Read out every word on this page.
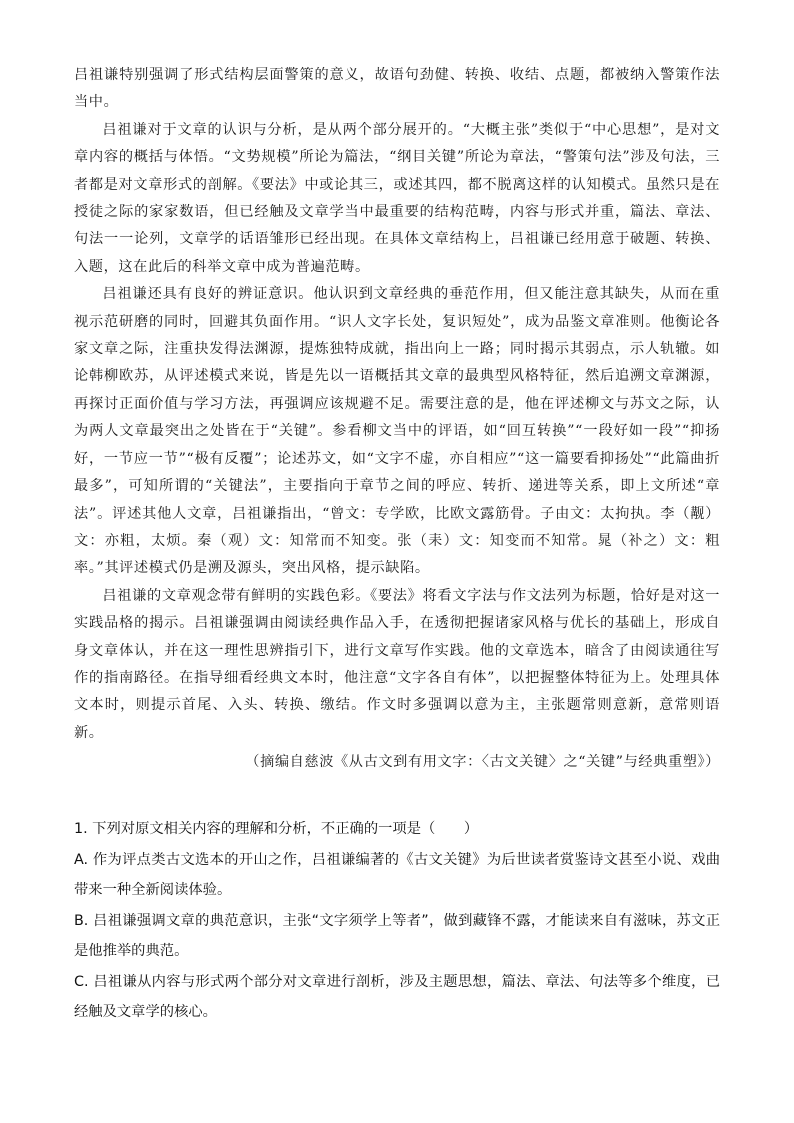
吕祖谦特别强调了形式结构层面警策的意义，故语句劲健、转换、收结、点题，都被纳入警策作法当中。

吕祖谦对于文章的认识与分析，是从两个部分展开的。“大概主张”类似于“中心思想”，是对文章内容的概括与体悟。“文势规模”所论为篇法，“纲目关键”所论为章法，“警策句法”涉及句法，三者都是对文章形式的剖解。《要法》中或论其三，或述其四，都不脱离这样的认知模式。虽然只是在授徒之际的家家数语，但已经触及文章学当中最重要的结构范畴，内容与形式并重，篇法、章法、句法一一论列，文章学的话语雏形已经出现。在具体文章结构上，吕祖谦已经用意于破题、转换、入题，这在此后的科举文章中成为普遍范畴。

吕祖谦还具有良好的辨证意识。他认识到文章经典的垂范作用，但又能注意其缺失，从而在重视示范研磨的同时，回避其负面作用。“识人文字长处，复识短处”，成为品鉴文章准则。他衡论各家文章之际，注重抉发得法渊源，提炼独特成就，指出向上一路；同时揭示其弱点，示人轨辙。如论韩柳欧苏，从评述模式来说，皆是先以一语概括其文章的最典型风格特征，然后追溯文章渊源，再探讨正面价值与学习方法，再强调应该规避不足。需要注意的是，他在评述柳文与苏文之际，认为两人文章最突出之处皆在于“关键”。参看柳文当中的评语，如“回互转换”“一段好如一段”“抑扬好，一节应一节”“极有反覆”；论述苏文，如“文字不虚，亦自相应”“这一篇要看抑扬处”“此篇曲折最多”，可知所谓的“关键法”，主要指向于章节之间的呼应、转折、递进等关系，即上文所述“章法”。评述其他人文章，吕祖谦指出，“曾文：专学欧，比欧文露筋骨。子由文：太拘执。李（觏）文：亦粗，太烦。秦（观）文：知常而不知变。张（耒）文：知变而不知常。晁（补之）文：粗率。”其评述模式仍是溯及源头，突出风格，提示缺陷。

吕祖谦的文章观念带有鲜明的实践色彩。《要法》将看文字法与作文法列为标题，恰好是对这一实践品格的揭示。吕祖谦强调由阅读经典作品入手，在透彻把握诸家风格与优长的基础上，形成自身文章体认，并在这一理性思辨指引下，进行文章写作实践。他的文章选本，暗含了由阅读通往写作的指南路径。在指导细看经典文本时，他注意“文字各自有体”，以把握整体特征为上。处理具体文本时，则提示首尾、入头、转换、缴结。作文时多强调以意为主，主张题常则意新，意常则语新。

（摘编自慈波《从古文到有用文字：〈古文关键〉之“关键”与经典重塑》）

1. 下列对原文相关内容的理解和分析，不正确的一项是（　　）

A. 作为评点类古文选本的开山之作，吕祖谦编著的《古文关键》为后世读者赏鉴诗文甚至小说、戏曲带来一种全新阅读体验。

B. 吕祖谦强调文章的典范意识，主张“文字须学上等者”，做到藏锋不露，才能读来自有滋味，苏文正是他推举的典范。

C. 吕祖谦从内容与形式两个部分对文章进行剖析，涉及主题思想，篇法、章法、句法等多个维度，已经触及文章学的核心。
